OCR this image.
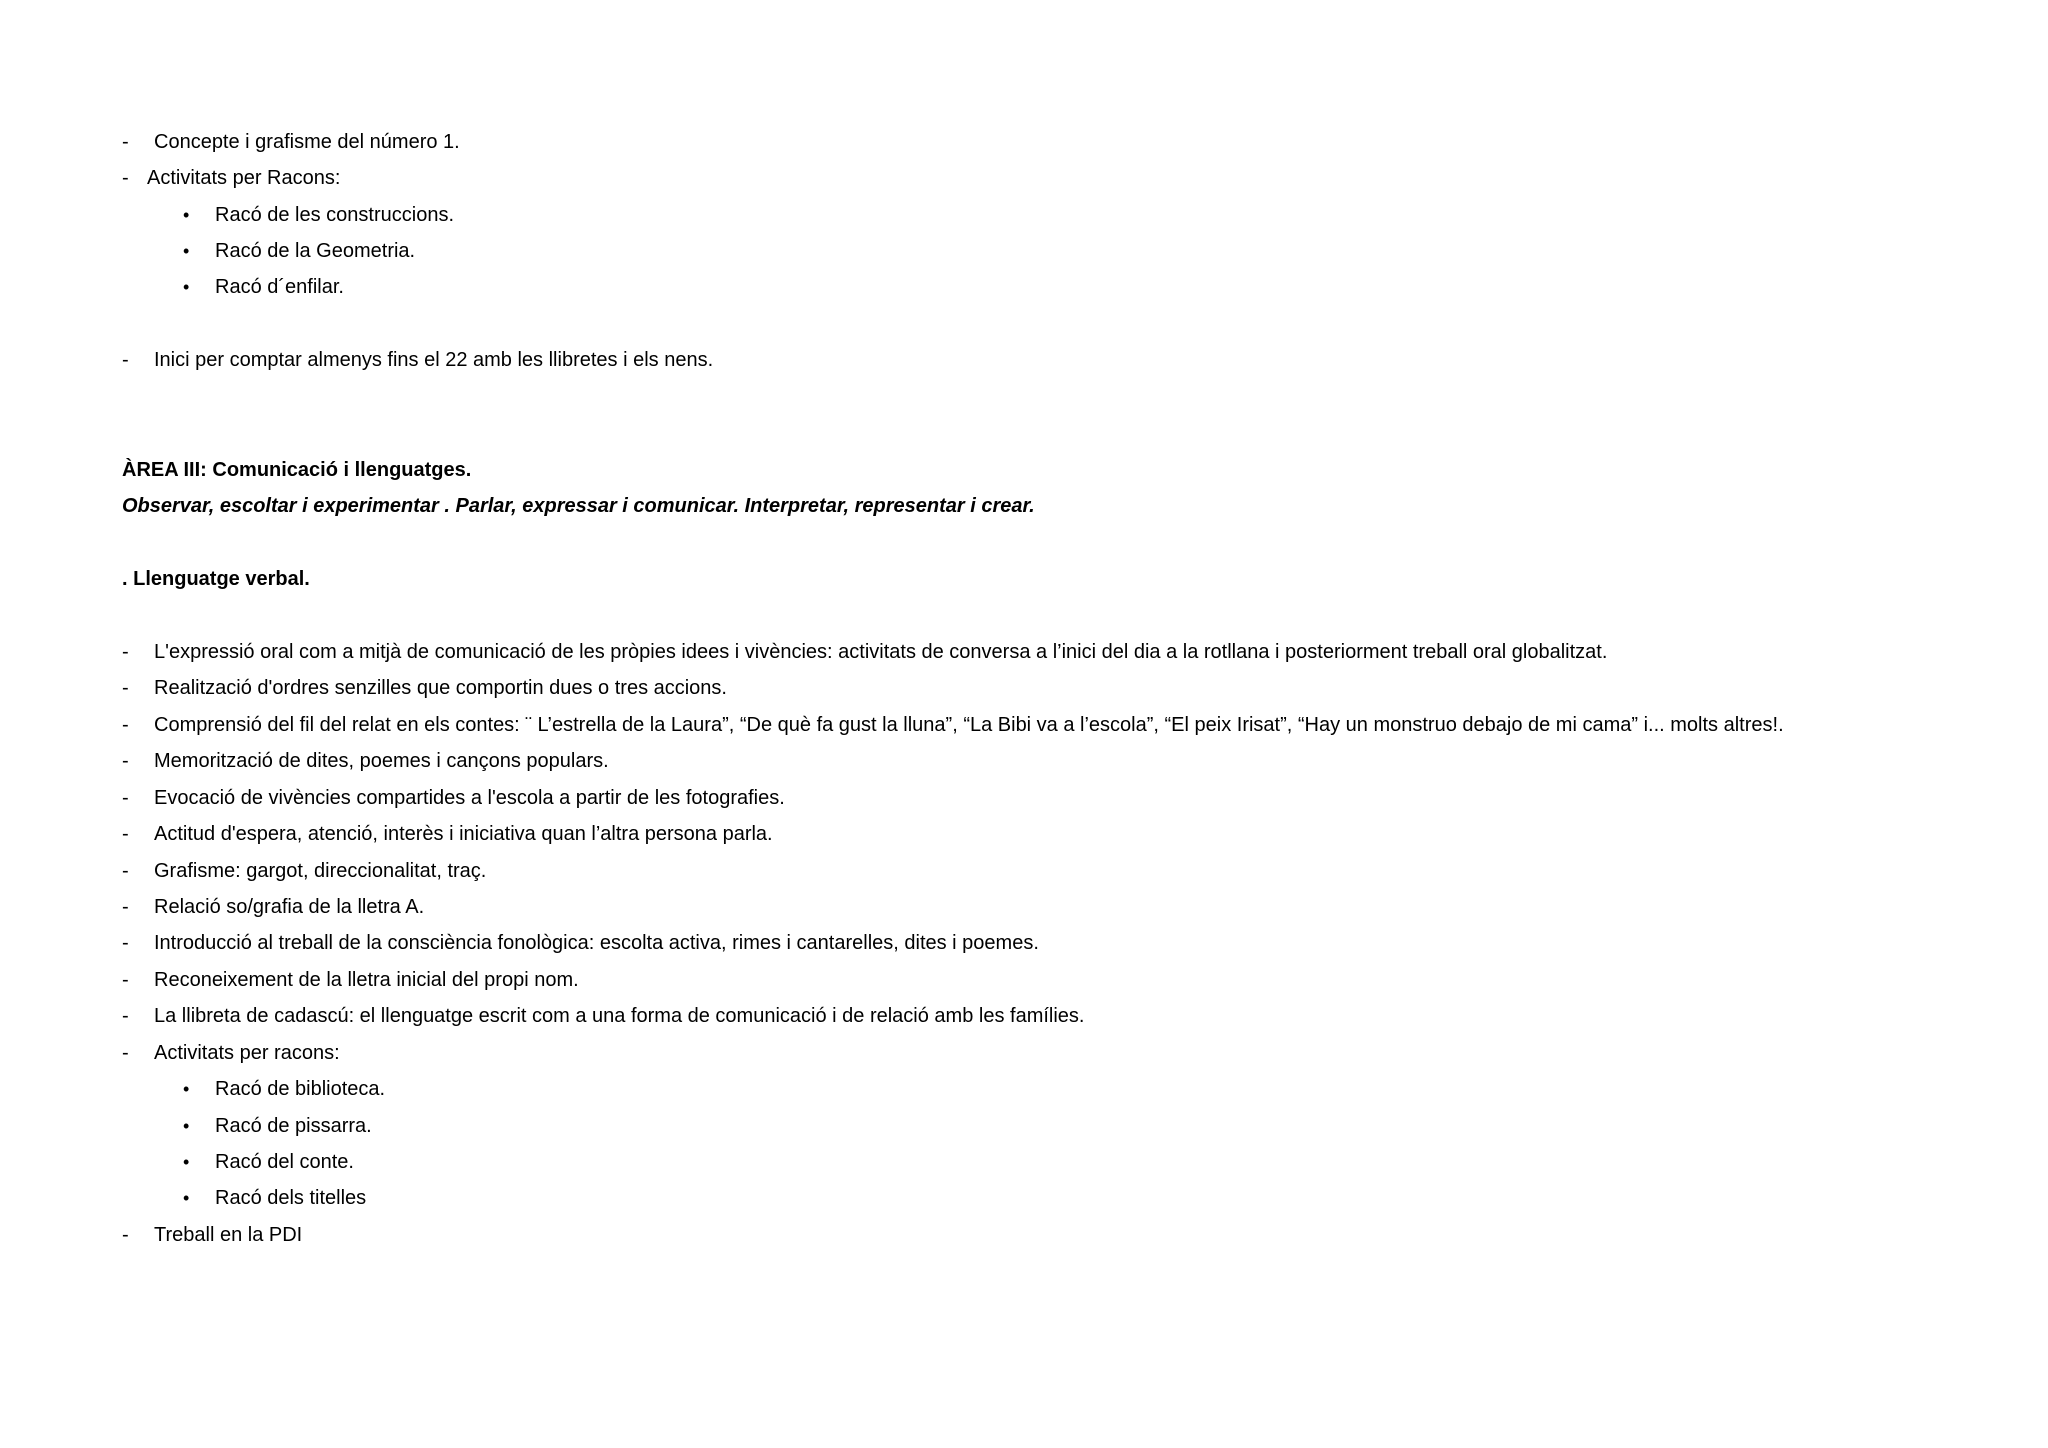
-	Concepte i grafisme del número 1.
- Activitats per Racons:
• Racó de les construccions.
• Racó de la Geometria.
• Racó d´enfilar.
-	Inici per comptar almenys fins el 22 amb les llibretes i els nens.
ÀREA III: Comunicació i llenguatges.
Observar, escoltar i experimentar . Parlar, expressar i comunicar. Interpretar, representar i crear.
. Llenguatge verbal.
-	L'expressió oral com a mitjà de comunicació de les pròpies idees i vivències: activitats de conversa a l’inici del dia a la rotllana i posteriorment treball oral globalitzat.
-	Realització d'ordres senzilles que comportin dues o tres accions.
-	Comprensió del fil del relat en els contes: ¨ L’estrella de la Laura”, “De què fa gust la lluna”, “La Bibi va a l’escola”, “El peix Irisat”, “Hay un monstruo debajo de mi cama” i... molts altres!.
-	Memorització de dites, poemes i cançons populars.
-	Evocació de vivències compartides a l'escola a partir de les fotografies.
-	Actitud d'espera, atenció, interès i iniciativa quan l’altra persona parla.
-	Grafisme: gargot, direccionalitat, traç.
-	Relació so/grafia de la lletra A.
-	Introducció al treball de la consciència fonològica: escolta activa, rimes i cantarelles, dites i poemes.
-	Reconeixement de la lletra inicial del propi nom.
-	La llibreta de cadascú: el llenguatge escrit com a una forma de comunicació i de relació amb les famílies.
-	Activitats per racons:
• Racó de biblioteca.
• Racó de pissarra.
• Racó del conte.
• Racó dels titelles
-	Treball en la PDI
